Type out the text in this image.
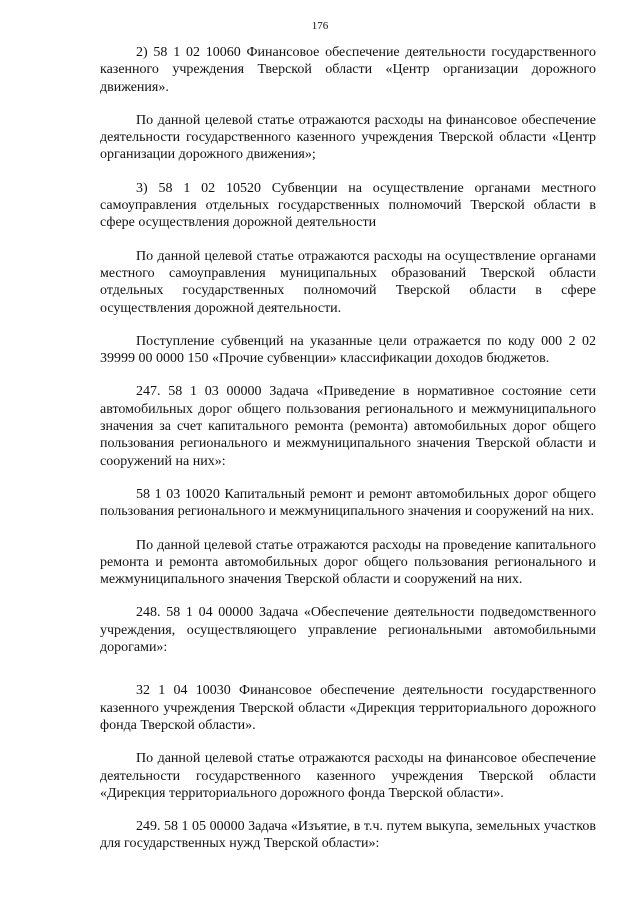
176

2) 58 1 02 10060 Финансовое обеспечение деятельности государственного казенного учреждения Тверской области «Центр организации дорожного движения».

По данной целевой статье отражаются расходы на финансовое обеспечение деятельности государственного казенного учреждения Тверской области «Центр организации дорожного движения»;

3) 58 1 02 10520 Субвенции на осуществление органами местного самоуправления отдельных государственных полномочий Тверской области в сфере осуществления дорожной деятельности

По данной целевой статье отражаются расходы на осуществление органами местного самоуправления муниципальных образований Тверской области отдельных государственных полномочий Тверской области в сфере осуществления дорожной деятельности.

Поступление субвенций на указанные цели отражается по коду 000 2 02 39999 00 0000 150 «Прочие субвенции» классификации доходов бюджетов.

247. 58 1 03 00000 Задача «Приведение в нормативное состояние сети автомобильных дорог общего пользования регионального и межмуниципального значения за счет капитального ремонта (ремонта) автомобильных дорог общего пользования регионального и межмуниципального значения Тверской области и сооружений на них»:

58 1 03 10020 Капитальный ремонт и ремонт автомобильных дорог общего пользования регионального и межмуниципального значения и сооружений на них.

По данной целевой статье отражаются расходы на проведение капитального ремонта и ремонта автомобильных дорог общего пользования регионального и межмуниципального значения Тверской области и сооружений на них.

248. 58 1 04 00000 Задача «Обеспечение деятельности подведомственного учреждения, осуществляющего управление региональными автомобильными дорогами»:

32 1 04 10030 Финансовое обеспечение деятельности государственного казенного учреждения Тверской области «Дирекция территориального дорожного фонда Тверской области».

По данной целевой статье отражаются расходы на финансовое обеспечение деятельности государственного казенного учреждения Тверской области «Дирекция территориального дорожного фонда Тверской области».

249. 58 1 05 00000 Задача «Изъятие, в т.ч. путем выкупа, земельных участков для государственных нужд Тверской области»:
